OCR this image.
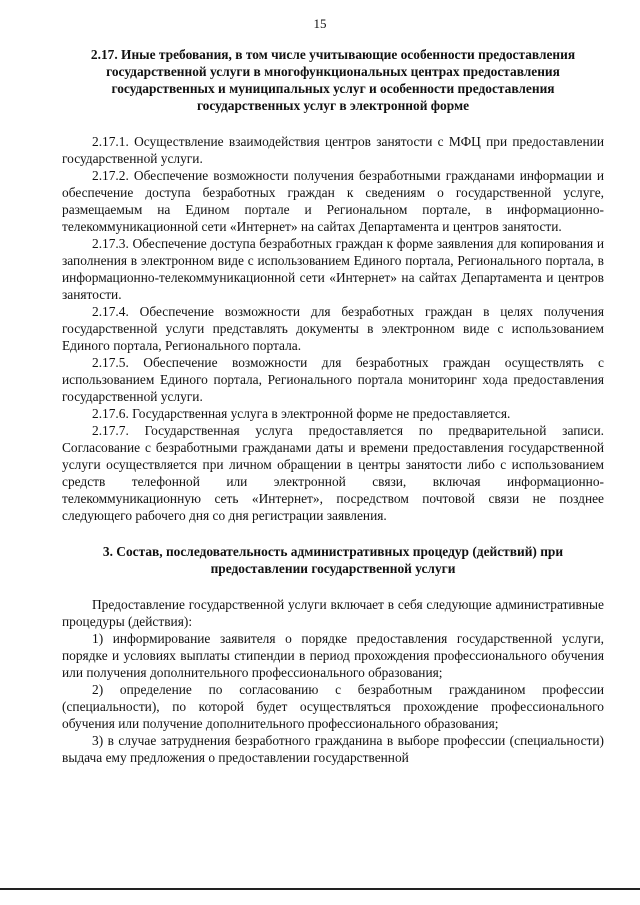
15

2.17. Иные требования, в том числе учитывающие особенности предоставления государственной услуги в многофункциональных центрах предоставления государственных и муниципальных услуг и особенности предоставления государственных услуг в электронной форме

2.17.1. Осуществление взаимодействия центров занятости с МФЦ при предоставлении государственной услуги.

2.17.2. Обеспечение возможности получения безработными гражданами информации и обеспечение доступа безработных граждан к сведениям о государственной услуге, размещаемым на Едином портале и Региональном портале, в информационно-телекоммуникационной сети «Интернет» на сайтах Департамента и центров занятости.

2.17.3. Обеспечение доступа безработных граждан к форме заявления для копирования и заполнения в электронном виде с использованием Единого портала, Регионального портала, в информационно-телекоммуникационной сети «Интернет» на сайтах Департамента и центров занятости.

2.17.4. Обеспечение возможности для безработных граждан в целях получения государственной услуги представлять документы в электронном виде с использованием Единого портала, Регионального портала.

2.17.5. Обеспечение возможности для безработных граждан осуществлять с использованием Единого портала, Регионального портала мониторинг хода предоставления государственной услуги.

2.17.6. Государственная услуга в электронной форме не предоставляется.

2.17.7. Государственная услуга предоставляется по предварительной записи. Согласование с безработными гражданами даты и времени предоставления государственной услуги осуществляется при личном обращении в центры занятости либо с использованием средств телефонной или электронной связи, включая информационно-телекоммуникационную сеть «Интернет», посредством почтовой связи не позднее следующего рабочего дня со дня регистрации заявления.

3. Состав, последовательность административных процедур (действий) при предоставлении государственной услуги

Предоставление государственной услуги включает в себя следующие административные процедуры (действия):

1) информирование заявителя о порядке предоставления государственной услуги, порядке и условиях выплаты стипендии в период прохождения профессионального обучения или получения дополнительного профессионального образования;

2) определение по согласованию с безработным гражданином профессии (специальности), по которой будет осуществляться прохождение профессионального обучения или получение дополнительного профессионального образования;

3) в случае затруднения безработного гражданина в выборе профессии (специальности) выдача ему предложения о предоставлении государственной
